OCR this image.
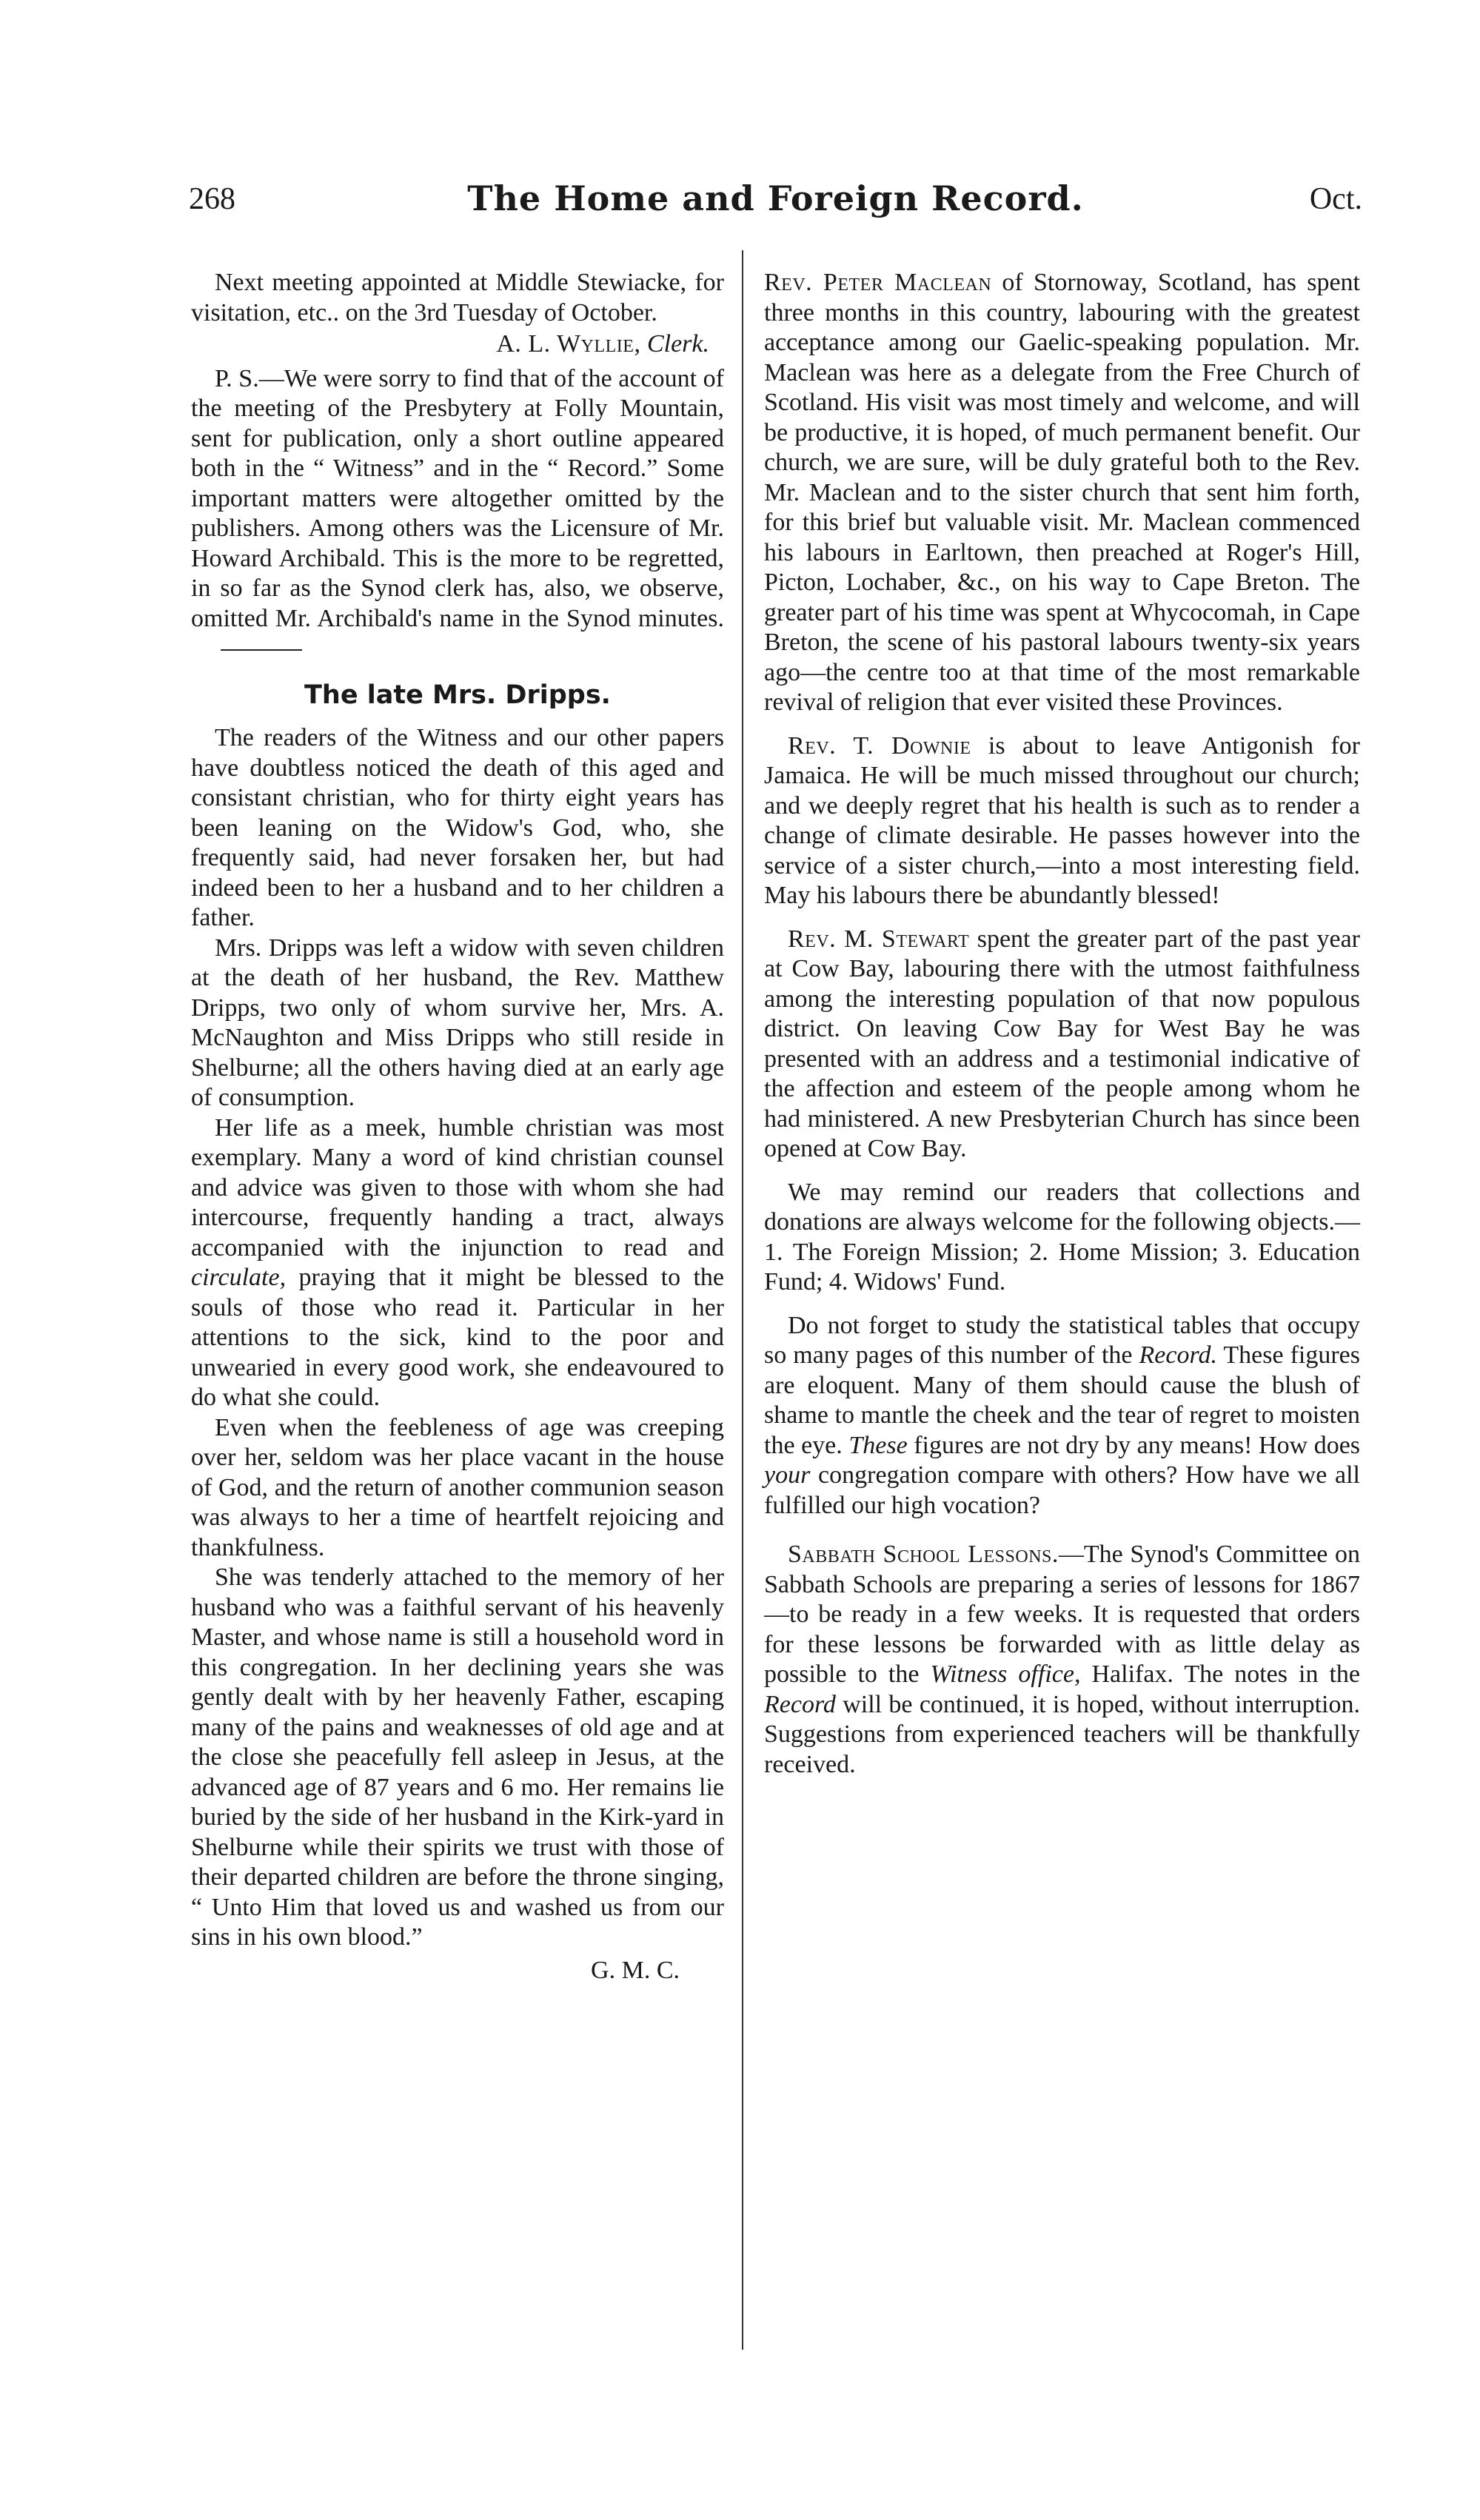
268	The Home and Foreign Record.	Oct.

Next meeting appointed at Middle Stewiacke, for visitation, etc.. on the 3rd Tuesday of October.

A. L. Wyllie, Clerk.

P. S.—We were sorry to find that of the account of the meeting of the Presbytery at Folly Mountain, sent for publication, only a short outline appeared both in the “ Witness” and in the “ Record.” Some important matters were altogether omitted by the publishers. Among others was the Licensure of Mr. Howard Archibald. This is the more to be regretted, in so far as the Synod clerk has, also, we observe, omitted Mr. Archibald's name in the Synod minutes.

The late Mrs. Dripps.

The readers of the Witness and our other papers have doubtless noticed the death of this aged and consistant christian, who for thirty eight years has been leaning on the Widow's God, who, she frequently said, had never forsaken her, but had indeed been to her a husband and to her children a father.

Mrs. Dripps was left a widow with seven children at the death of her husband, the Rev. Matthew Dripps, two only of whom survive her, Mrs. A. McNaughton and Miss Dripps who still reside in Shelburne; all the others having died at an early age of consumption.

Her life as a meek, humble christian was most exemplary. Many a word of kind christian counsel and advice was given to those with whom she had intercourse, frequently handing a tract, always accompanied with the injunction to read and circulate, praying that it might be blessed to the souls of those who read it. Particular in her attentions to the sick, kind to the poor and unwearied in every good work, she endeavoured to do what she could.

Even when the feebleness of age was creeping over her, seldom was her place vacant in the house of God, and the return of another communion season was always to her a time of heartfelt rejoicing and thankfulness.

She was tenderly attached to the memory of her husband who was a faithful servant of his heavenly Master, and whose name is still a household word in this congregation. In her declining years she was gently dealt with by her heavenly Father, escaping many of the pains and weaknesses of old age and at the close she peacefully fell asleep in Jesus, at the advanced age of 87 years and 6 mo. Her remains lie buried by the side of her husband in the Kirk-yard in Shelburne while their spirits we trust with those of their departed children are before the throne singing, “ Unto Him that loved us and washed us from our sins in his own blood.”

G. M. C.

Rev. Peter Maclean of Stornoway, Scotland, has spent three months in this country, labouring with the greatest acceptance among our Gaelic-speaking population. Mr. Maclean was here as a delegate from the Free Church of Scotland. His visit was most timely and welcome, and will be productive, it is hoped, of much permanent benefit. Our church, we are sure, will be duly grateful both to the Rev. Mr. Maclean and to the sister church that sent him forth, for this brief but valuable visit. Mr. Maclean commenced his labours in Earltown, then preached at Roger's Hill, Picton, Lochaber, &c., on his way to Cape Breton. The greater part of his time was spent at Whycocomah, in Cape Breton, the scene of his pastoral labours twenty-six years ago—the centre too at that time of the most remarkable revival of religion that ever visited these Provinces.

Rev. T. Downie is about to leave Antigonish for Jamaica. He will be much missed throughout our church; and we deeply regret that his health is such as to render a change of climate desirable. He passes however into the service of a sister church,—into a most interesting field. May his labours there be abundantly blessed!

Rev. M. Stewart spent the greater part of the past year at Cow Bay, labouring there with the utmost faithfulness among the interesting population of that now populous district. On leaving Cow Bay for West Bay he was presented with an address and a testimonial indicative of the affection and esteem of the people among whom he had ministered. A new Presbyterian Church has since been opened at Cow Bay.

We may remind our readers that collections and donations are always welcome for the following objects.—1. The Foreign Mission; 2. Home Mission; 3. Education Fund; 4. Widows' Fund.

Do not forget to study the statistical tables that occupy so many pages of this number of the Record. These figures are eloquent. Many of them should cause the blush of shame to mantle the cheek and the tear of regret to moisten the eye. These figures are not dry by any means! How does your congregation compare with others? How have we all fulfilled our high vocation?

Sabbath School Lessons.—The Synod's Committee on Sabbath Schools are preparing a series of lessons for 1867—to be ready in a few weeks. It is requested that orders for these lessons be forwarded with as little delay as possible to the Witness office, Halifax. The notes in the Record will be continued, it is hoped, without interruption. Suggestions from experienced teachers will be thankfully received.
